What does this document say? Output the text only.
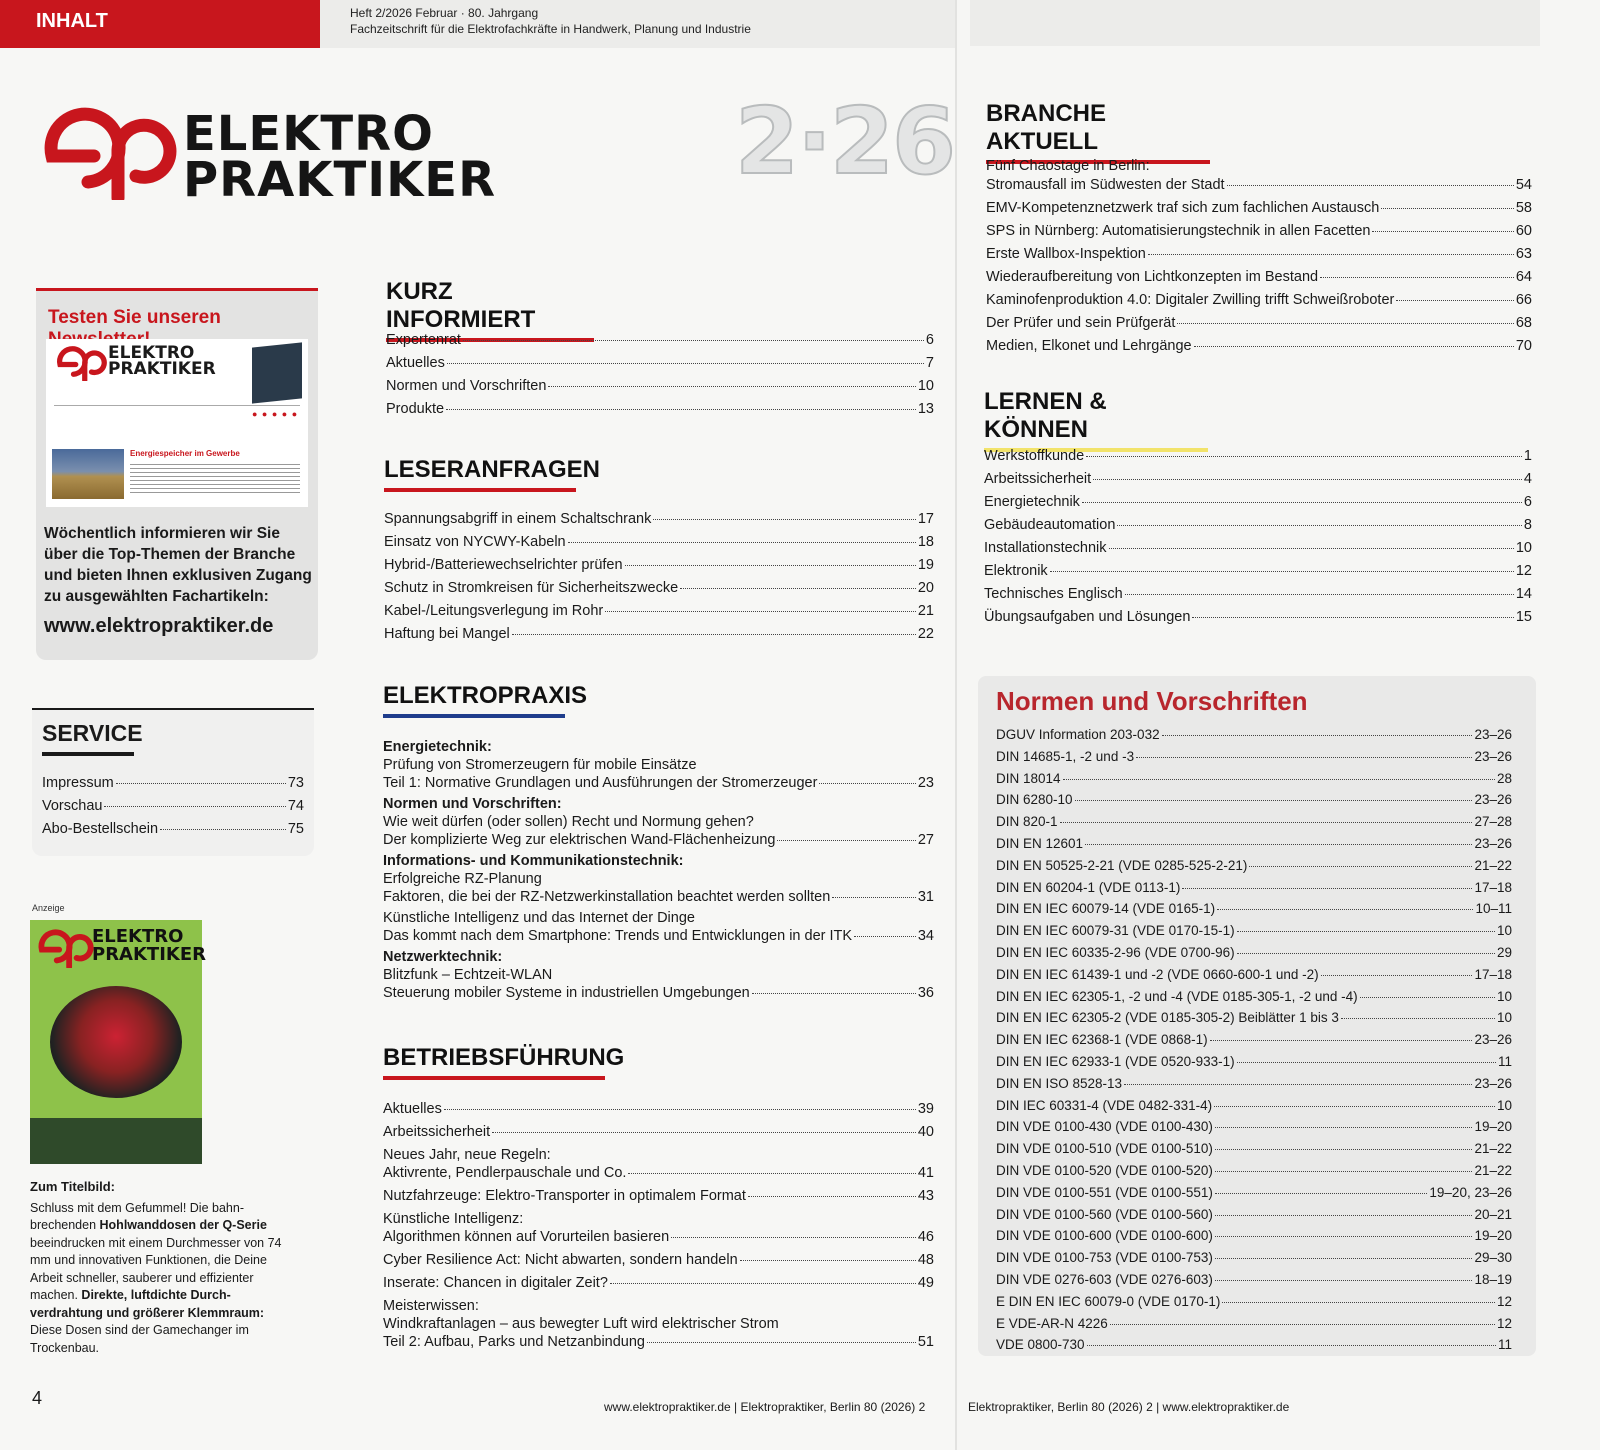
INHALT	Heft 2/2026 Februar · 80. Jahrgang
Fachzeitschrift für die Elektrofachkräfte in Handwerk, Planung und Industrie
ELEKTRO
PRAKTIKER	2·26
Testen Sie unseren
ELEKTRO
PRAKTIKER
● ● ● ● ●
Energiespeicher im Gewerbe
Wöchentlich informieren wir Sie über die Top-Themen der Branche und bieten Ihnen exklusiven Zugang zu ausgewählten Fachartikeln:
www.elektropraktiker.de
SERVICE
Impressum	73
Vorschau	74
Abo-Bestellschein	75
Anzeige
ELEKTRO
PRAKTIKER
Zum Titelbild:
Schluss mit dem Gefummel! Die bahnbrechenden Hohlwanddosen der Q-Serie beeindrucken mit einem Durchmesser von 74 mm und innovativen Funktionen, die Deine Arbeit schneller, sauberer und effizienter machen. Direkte, luftdichte Durchverdrahtung und größerer Klemmraum: Diese Dosen sind der Gamechanger im Trockenbau.
KURZ INFORMIERT
Expertenrat	6
Aktuelles	7
Normen und Vorschriften	10
Produkte	13
LESERANFRAGEN
Spannungsabgriff in einem Schaltschrank	17
Einsatz von NYCWY-Kabeln	18
Hybrid-/Batteriewechselrichter prüfen	19
Schutz in Stromkreisen für Sicherheitszwecke	20
Kabel-/Leitungsverlegung im Rohr	21
Haftung bei Mangel	22
ELEKTROPRAXIS
Energietechnik:
Prüfung von Stromerzeugern für mobile Einsätze
Teil 1: Normative Grundlagen und Ausführungen der Stromerzeuger	23
Normen und Vorschriften:
Wie weit dürfen (oder sollen) Recht und Normung gehen?
Der komplizierte Weg zur elektrischen Wand-Flächenheizung	27
Informations- und Kommunikationstechnik:
Erfolgreiche RZ-Planung
Faktoren, die bei der RZ-Netzwerkinstallation beachtet werden sollten	31
Künstliche Intelligenz und das Internet der Dinge
Das kommt nach dem Smartphone: Trends und Entwicklungen in der ITK	34
Netzwerktechnik:
Blitzfunk – Echtzeit-WLAN
Steuerung mobiler Systeme in industriellen Umgebungen	36
BETRIEBSFÜHRUNG
Aktuelles	39
Arbeitssicherheit	40
Neues Jahr, neue Regeln:
Aktivrente, Pendlerpauschale und Co.	41
Nutzfahrzeuge: Elektro-Transporter in optimalem Format	43
Künstliche Intelligenz:
Algorithmen können auf Vorurteilen basieren	46
Cyber Resilience Act: Nicht abwarten, sondern handeln	48
Inserate: Chancen in digitaler Zeit?	49
Meisterwissen:
Windkraftanlagen – aus bewegter Luft wird elektrischer Strom
Teil 2: Aufbau, Parks und Netzanbindung	51
BRANCHE AKTUELL
Fünf Chaostage in Berlin:
Stromausfall im Südwesten der Stadt	54
EMV-Kompetenznetzwerk traf sich zum fachlichen Austausch	58
SPS in Nürnberg: Automatisierungstechnik in allen Facetten	60
Erste Wallbox-Inspektion	63
Wiederaufbereitung von Lichtkonzepten im Bestand	64
Kaminofenproduktion 4.0: Digitaler Zwilling trifft Schweißroboter	66
Der Prüfer und sein Prüfgerät	68
Medien, Elkonet und Lehrgänge	70
LERNEN & KÖNNEN
Werkstoffkunde	1
Arbeitssicherheit	4
Energietechnik	6
Gebäudeautomation	8
Installationstechnik	10
Elektronik	12
Technisches Englisch	14
Übungsaufgaben und Lösungen	15
Normen und Vorschriften
DGUV Information 203-032	23–26
DIN 14685-1, -2 und -3	23–26
DIN 18014	28
DIN 6280-10	23–26
DIN 820-1	27–28
DIN EN 12601	23–26
DIN EN 50525-2-21 (VDE 0285-525-2-21)	21–22
DIN EN 60204-1 (VDE 0113-1)	17–18
DIN EN IEC 60079-14 (VDE 0165-1)	10–11
DIN EN IEC 60079-31 (VDE 0170-15-1)	10
DIN EN IEC 60335-2-96 (VDE 0700-96)	29
DIN EN IEC 61439-1 und -2 (VDE 0660-600-1 und -2)	17–18
DIN EN IEC 62305-1, -2 und -4 (VDE 0185-305-1, -2 und -4)	10
DIN EN IEC 62305-2 (VDE 0185-305-2) Beiblätter 1 bis 3	10
DIN EN IEC 62368-1 (VDE 0868-1)	23–26
DIN EN IEC 62933-1 (VDE 0520-933-1)	11
DIN EN ISO 8528-13	23–26
DIN IEC 60331-4 (VDE 0482-331-4)	10
DIN VDE 0100-430 (VDE 0100-430)	19–20
DIN VDE 0100-510 (VDE 0100-510)	21–22
DIN VDE 0100-520 (VDE 0100-520)	21–22
DIN VDE 0100-551 (VDE 0100-551)	19–20, 23–26
DIN VDE 0100-560 (VDE 0100-560)	20–21
DIN VDE 0100-600 (VDE 0100-600)	19–20
DIN VDE 0100-753 (VDE 0100-753)	29–30
DIN VDE 0276-603 (VDE 0276-603)	18–19
E DIN EN IEC 60079-0 (VDE 0170-1)	12
E VDE-AR-N 4226	12
VDE 0800-730	11
4	www.elektropraktiker.de | Elektropraktiker, Berlin 80 (2026) 2	Elektropraktiker, Berlin 80 (2026) 2 | www.elektropraktiker.de
